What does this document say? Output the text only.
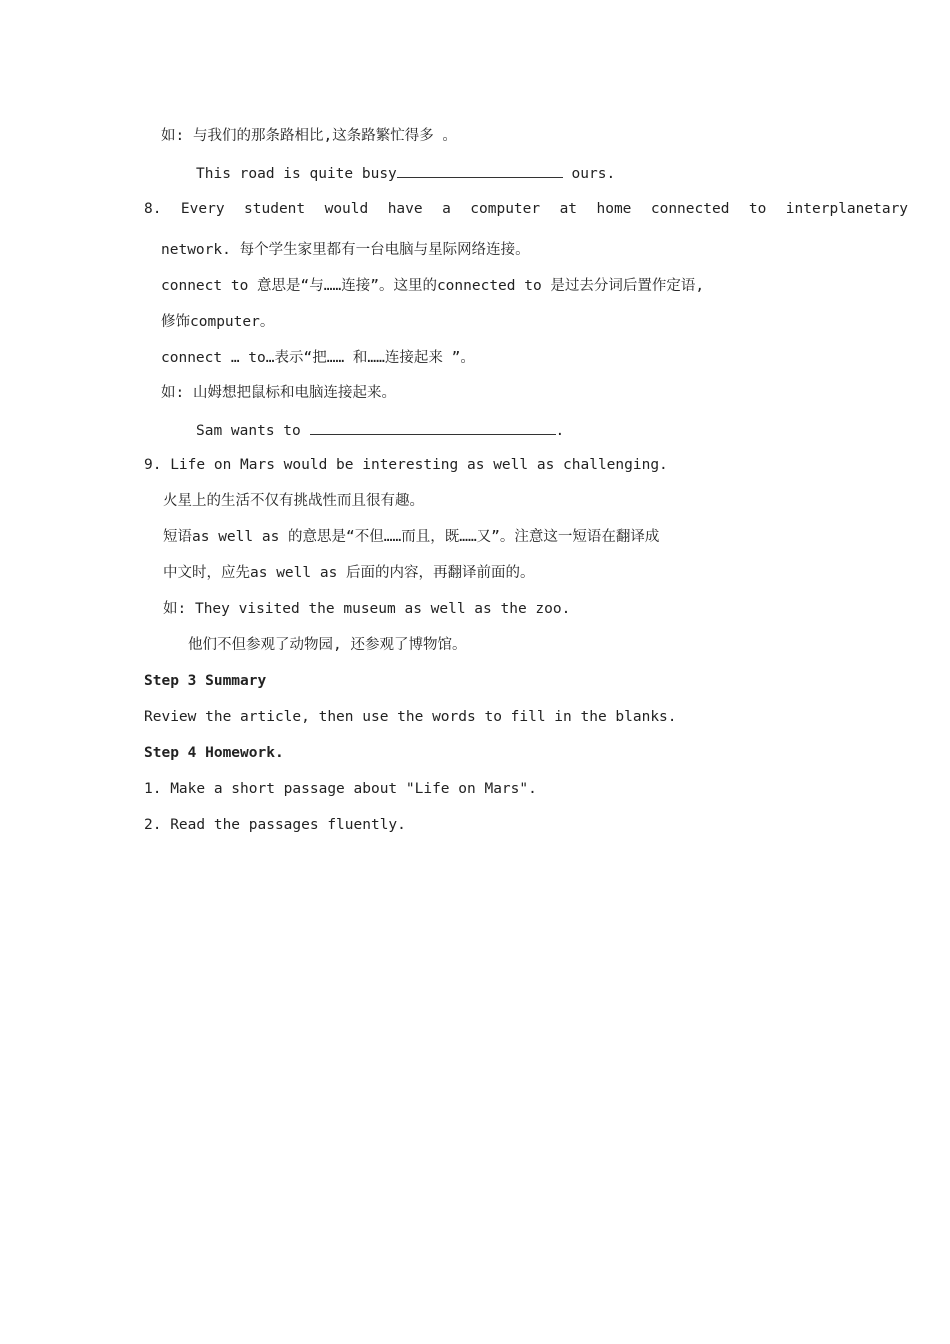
如: 与我们的那条路相比,这条路繁忙得多 。
This road is quite busy	ours.
8.  Every  student  would  have  a  computer  at  home  connected  to  interplanetary
network. 每个学生家里都有一台电脑与星际网络连接。
connect to 意思是“与……连接”。这里的connected to 是过去分词后置作定语,
修饰computer。
connect … to…表示“把…… 和……连接起来 ”。
如: 山姆想把鼠标和电脑连接起来。
Sam wants to	.
9. Life on Mars would be interesting as well as challenging.
火星上的生活不仅有挑战性而且很有趣。
短语as well as 的意思是“不但……而且，既……又”。注意这一短语在翻译成
中文时，应先as well as 后面的内容，再翻译前面的。
如: They visited the museum as well as the zoo.
他们不但参观了动物园, 还参观了博物馆。
Step 3 Summary
Review the article, then use the words to fill in the blanks.
Step 4 Homework.
1. Make a short passage about "Life on Mars".
2. Read the passages fluently.
